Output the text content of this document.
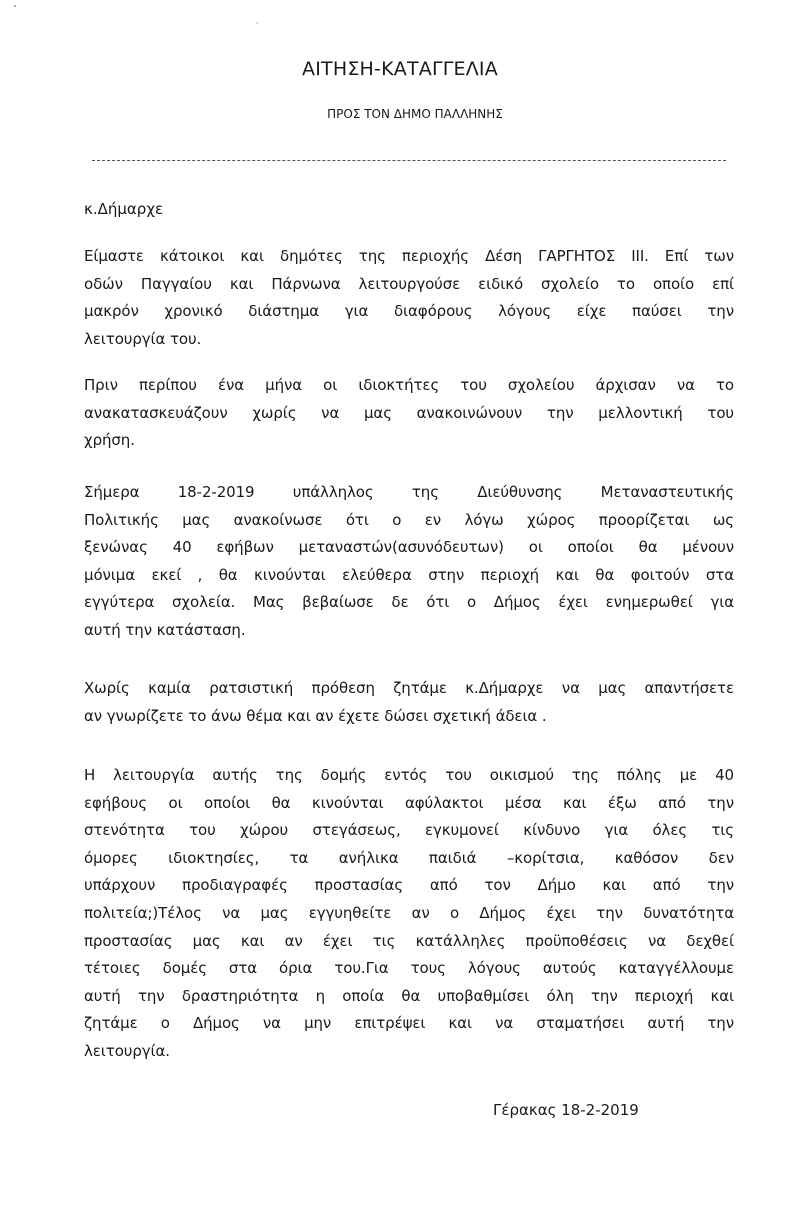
ΑΙΤΗΣΗ-ΚΑΤΑΓΓΕΛΙΑ
ΠΡΟΣ ΤΟΝ ΔΗΜΟ ΠΑΛΛΗΝΗΣ
κ.Δήμαρχε
Είμαστε κάτοικοι και δημότες της περιοχής Δέση ΓΑΡΓΗΤΟΣ III. Επί των
οδών Παγγαίου και Πάρνωνα λειτουργούσε ειδικό σχολείο το οποίο επί
μακρόν χρονικό διάστημα για διαφόρους λόγους είχε παύσει την
λειτουργία του.
Πριν περίπου ένα μήνα οι ιδιοκτήτες του σχολείου άρχισαν να το
ανακατασκευάζουν χωρίς να μας ανακοινώνουν την μελλοντική του
χρήση.
Σήμερα 18-2-2019 υπάλληλος της Διεύθυνσης Μεταναστευτικής
Πολιτικής μας ανακοίνωσε ότι ο εν λόγω χώρος προορίζεται ως
ξενώνας 40 εφήβων μεταναστών(ασυνόδευτων) οι οποίοι θα μένουν
μόνιμα εκεί , θα κινούνται ελεύθερα στην περιοχή και θα φοιτούν στα
εγγύτερα σχολεία. Μας βεβαίωσε δε ότι ο Δήμος έχει ενημερωθεί για
αυτή την κατάσταση.
Χωρίς καμία ρατσιστική πρόθεση ζητάμε κ.Δήμαρχε να μας απαντήσετε
αν γνωρίζετε το άνω θέμα και αν έχετε δώσει σχετική άδεια .
Η λειτουργία αυτής της δομής εντός του οικισμού της πόλης με 40
εφήβους οι οποίοι θα κινούνται αφύλακτοι μέσα και έξω από την
στενότητα του χώρου στεγάσεως, εγκυμονεί κίνδυνο για όλες τις
όμορες ιδιοκτησίες, τα ανήλικα παιδιά –κορίτσια, καθόσον δεν
υπάρχουν προδιαγραφές προστασίας από τον Δήμο και από την
πολιτεία;)Τέλος να μας εγγυηθείτε αν ο Δήμος έχει την δυνατότητα
προστασίας μας και αν έχει τις κατάλληλες προϋποθέσεις να δεχθεί
τέτοιες δομές στα όρια του.Για τους λόγους αυτούς καταγγέλλουμε
αυτή την δραστηριότητα η οποία θα υποβαθμίσει όλη την περιοχή και
ζητάμε ο Δήμος να μην επιτρέψει και να σταματήσει αυτή την
λειτουργία.
Γέρακας 18-2-2019
